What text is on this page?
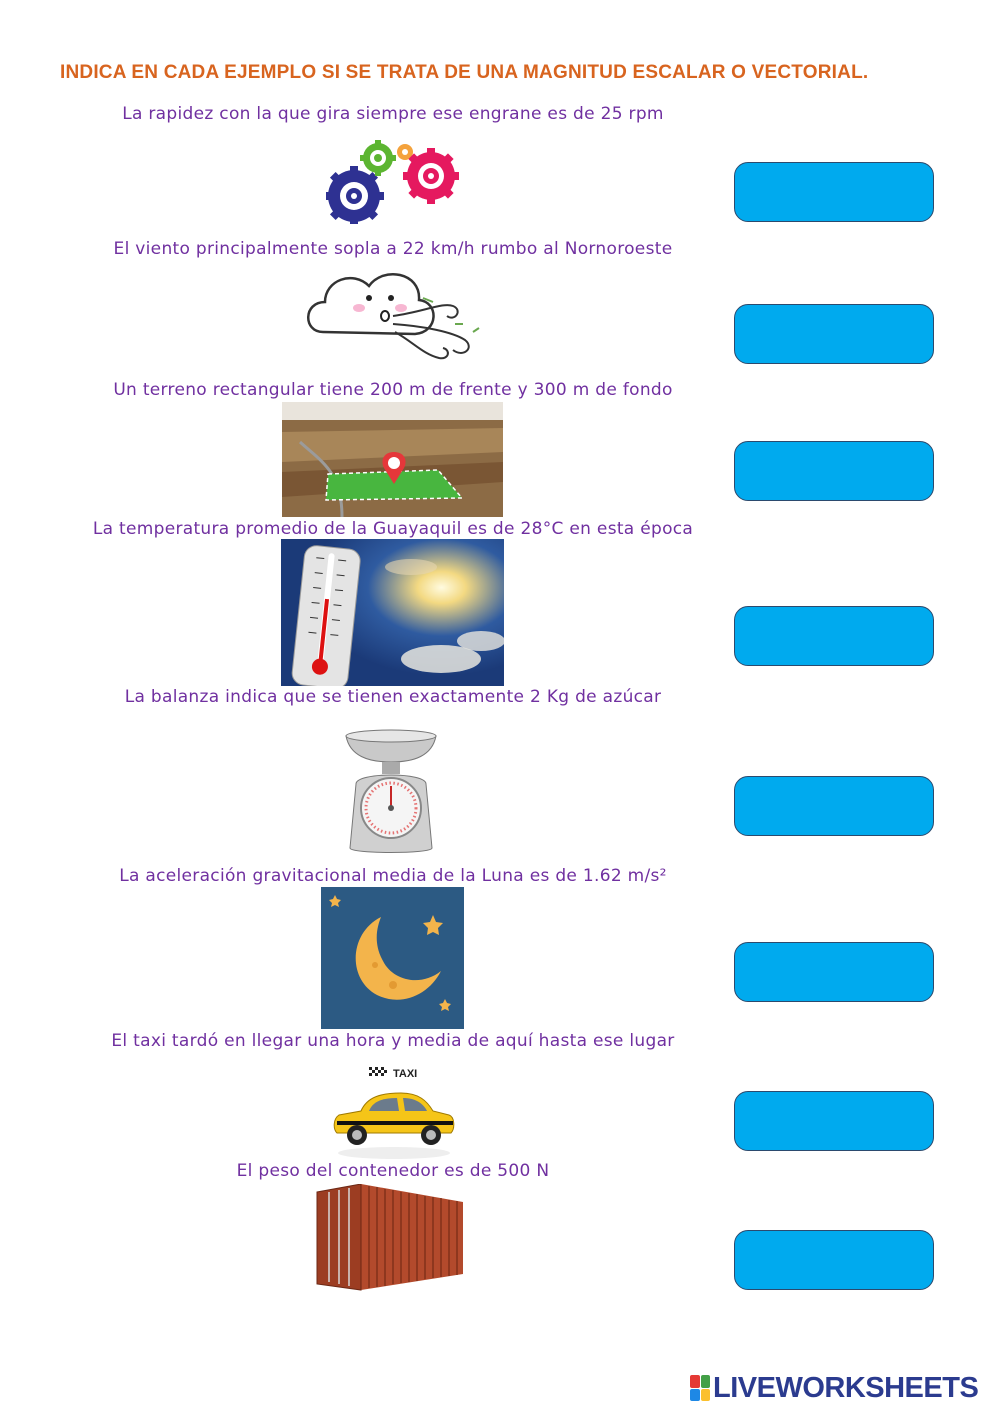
INDICA EN CADA EJEMPLO SI SE TRATA DE UNA MAGNITUD ESCALAR O VECTORIAL.
La rapidez con la que gira siempre ese engrane es de 25 rpm
El viento principalmente sopla a 22 km/h rumbo al Nornoroeste
Un terreno rectangular tiene 200 m de frente y 300 m de fondo
La temperatura promedio de la Guayaquil es de 28°C en esta época
La balanza indica que se tienen exactamente 2 Kg de azúcar
La aceleración gravitacional media de la Luna es de 1.62 m/s²
El taxi tardó en llegar una hora y media de aquí hasta ese lugar
TAXI
El peso del contenedor es de 500 N
LIVEWORKSHEETS
